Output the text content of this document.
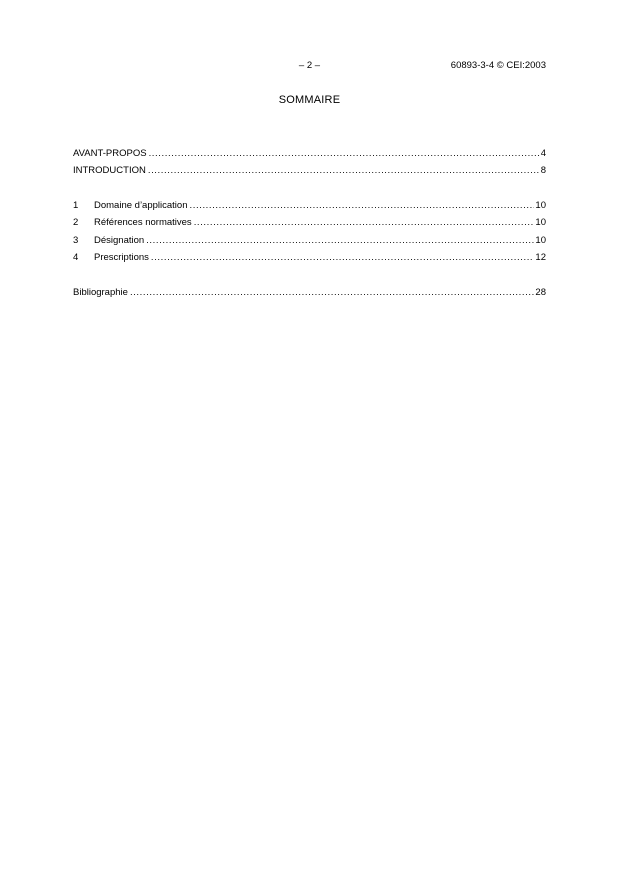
– 2 –	60893-3-4 © CEI:2003
SOMMAIRE
AVANT-PROPOS .....	4
INTRODUCTION .....	8
1	Domaine d’application .....	10
2	Références normatives .....	10
3	Désignation .....	10
4	Prescriptions .....	12
Bibliographie .....	28
